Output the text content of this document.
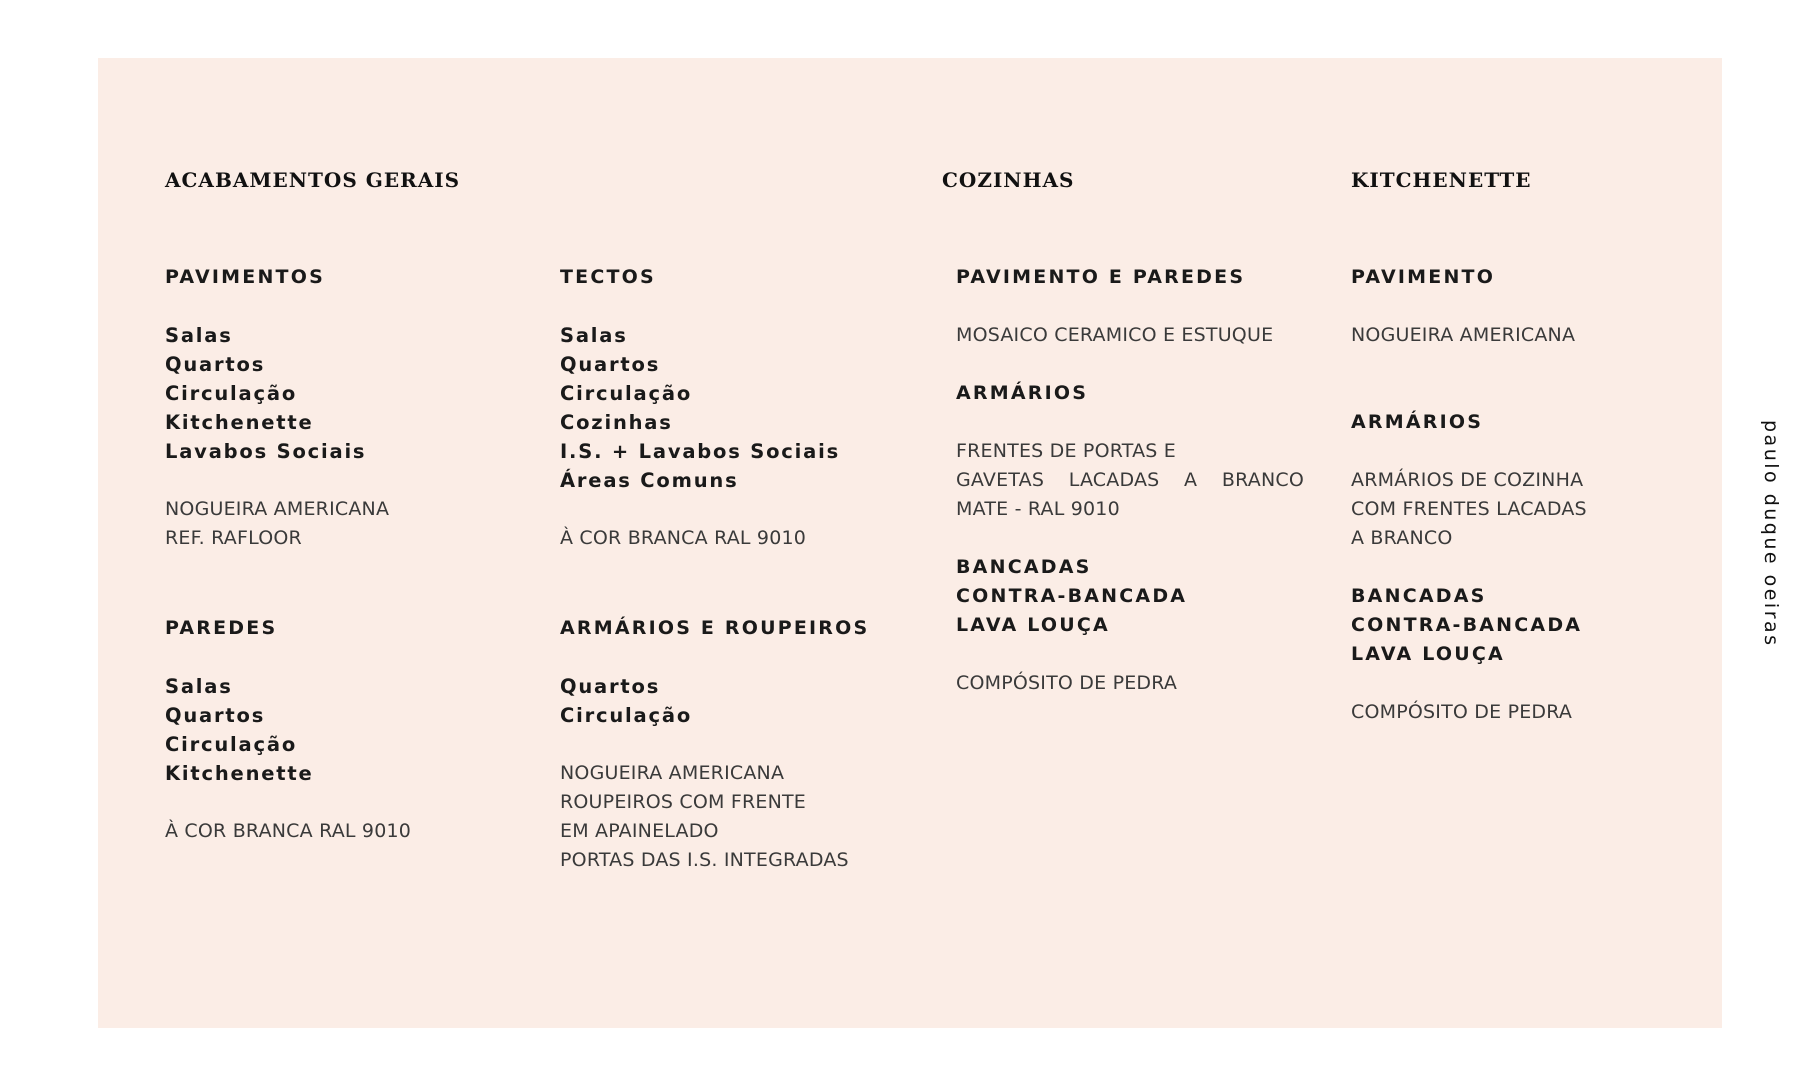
ACABAMENTOS GERAIS	COZINHAS	KITCHENETTE

PAVIMENTOS

Salas
Quartos
Circulação
Kitchenette
Lavabos Sociais
NOGUEIRA AMERICANA
REF. RAFLOOR

PAREDES

Salas
Quartos
Circulação
Kitchenette
À COR BRANCA RAL 9010

TECTOS

Salas
Quartos
Circulação
Cozinhas
I.S. + Lavabos Sociais
Áreas Comuns
À COR BRANCA RAL 9010

ARMÁRIOS E ROUPEIROS

Quartos
Circulação
NOGUEIRA AMERICANA
ROUPEIROS COM FRENTE
EM APAINELADO
PORTAS DAS I.S. INTEGRADAS

PAVIMENTO E PAREDES

MOSAICO CERAMICO E ESTUQUE

ARMÁRIOS

FRENTES DE PORTAS E
GAVETAS LACADAS A BRANCO
MATE - RAL 9010

BANCADAS

CONTRA-BANCADA

LAVA LOUÇA

COMPÓSITO DE PEDRA

PAVIMENTO

NOGUEIRA AMERICANA

ARMÁRIOS

ARMÁRIOS DE COZINHA
COM FRENTES LACADAS
A BRANCO

BANCADAS

CONTRA-BANCADA

LAVA LOUÇA

COMPÓSITO DE PEDRA
paulo duque oeiras
